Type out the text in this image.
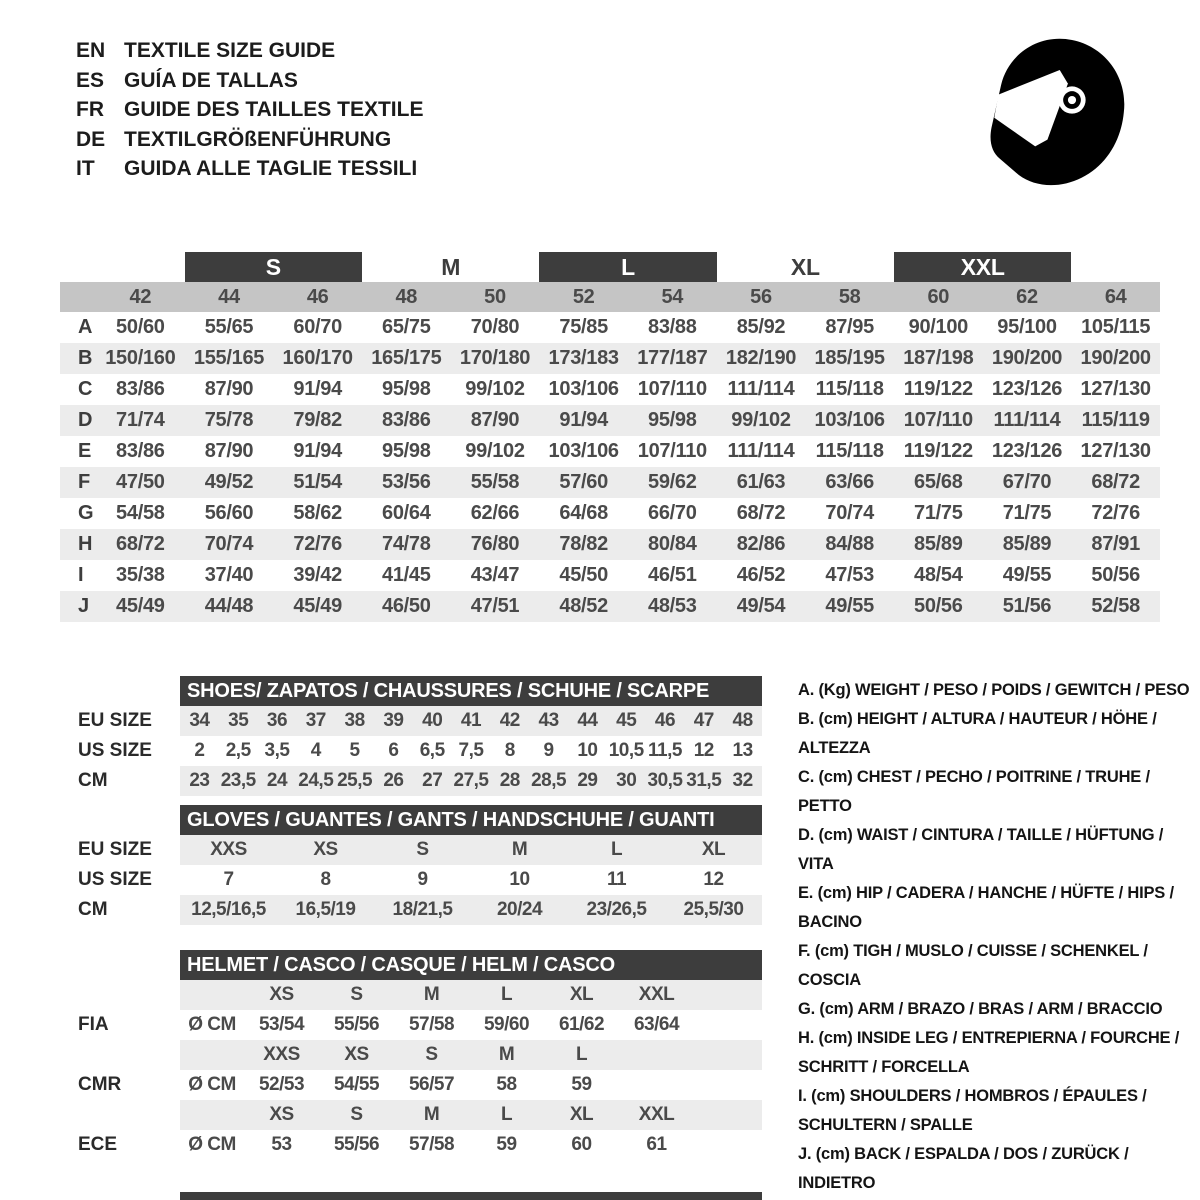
EN TEXTILE SIZE GUIDE
ES GUÍA DE TALLAS
FR GUIDE DES TAILLES TEXTILE
DE TEXTILGRÖßENFÜHRUNG
IT	GUIDA ALLE TAGLIE TESSILI
S	M	L	XL	XXL
42	44	46	48	50	52	54	56	58	60	62	64
A	50/60	55/65	60/70	65/75	70/80	75/85	83/88	85/92	87/95	90/100	95/100	105/115
B 150/160 155/165 160/170 165/175 170/180 173/183 177/187 182/190 185/195 187/198 190/200 190/200
C	83/86	87/90	91/94	95/98	99/102	103/106 107/110	111/114	115/118	119/122 123/126 127/130
D	71/74	75/78	79/82	83/86	87/90	91/94	95/98	99/102	103/106 107/110	111/114	115/119
E	83/86	87/90	91/94	95/98	99/102	103/106 107/110	111/114	115/118	119/122 123/126 127/130
F	47/50	49/52	51/54	53/56	55/58	57/60	59/62	61/63	63/66	65/68	67/70	68/72
G	54/58	56/60	58/62	60/64	62/66	64/68	66/70	68/72	70/74	71/75	71/75	72/76
H	68/72	70/74	72/76	74/78	76/80	78/82	80/84	82/86	84/88	85/89	85/89	87/91
I	35/38	37/40	39/42	41/45	43/47	45/50	46/51	46/52	47/53	48/54	49/55	50/56
J	45/49	44/48	45/49	46/50	47/51	48/52	48/53	49/54	49/55	50/56	51/56	52/58
SHOES/ ZAPATOS / CHAUSSURES / SCHUHE / SCARPE
EU SIZE	34 35 36 37 38 39 40 41 42 43 44 45 46 47 48
US SIZE	2	2,5 3,5	4	5	6	6,5 7,5	8	9	10 10,5 11,5 12 13
CM	23 23,5 24 24,5 25,5 26 27 27,5 28 28,5 29 30 30,5 31,5 32
GLOVES / GUANTES / GANTS / HANDSCHUHE / GUANTI
EU SIZE	XXS	XS	S	M	L	XL
US SIZE	7	8	9	10	11	12
CM	12,5/16,5	16,5/19	18/21,5	20/24	23/26,5	25,5/30
HELMET / CASCO / CASQUE / HELM / CASCO
XS	S	M	L	XL	XXL
FIA	Ø CM	53/54	55/56	57/58	59/60	61/62	63/64
XXS	XS	S	M	L
CMR	Ø CM	52/53	54/55	56/57	58	59
XS	S	M	L	XL	XXL
ECE	Ø CM	53	55/56	57/58	59	60	61
A. (Kg) WEIGHT / PESO / POIDS / GEWITCH / PESO
B. (cm) HEIGHT / ALTURA / HAUTEUR / HÖHE / ALTEZZA
C. (cm) CHEST / PECHO / POITRINE / TRUHE / PETTO
D. (cm) WAIST / CINTURA / TAILLE / HÜFTUNG / VITA
E. (cm) HIP / CADERA / HANCHE / HÜFTE / HIPS / BACINO
F. (cm) TIGH / MUSLO / CUISSE / SCHENKEL / COSCIA
G. (cm) ARM / BRAZO / BRAS / ARM / BRACCIO
H. (cm) INSIDE LEG / ENTREPIERNA / FOURCHE / SCHRITT / FORCELLA
I. (cm) SHOULDERS / HOMBROS / ÉPAULES / SCHULTERN / SPALLE
J. (cm) BACK / ESPALDA / DOS / ZURÜCK / INDIETRO
